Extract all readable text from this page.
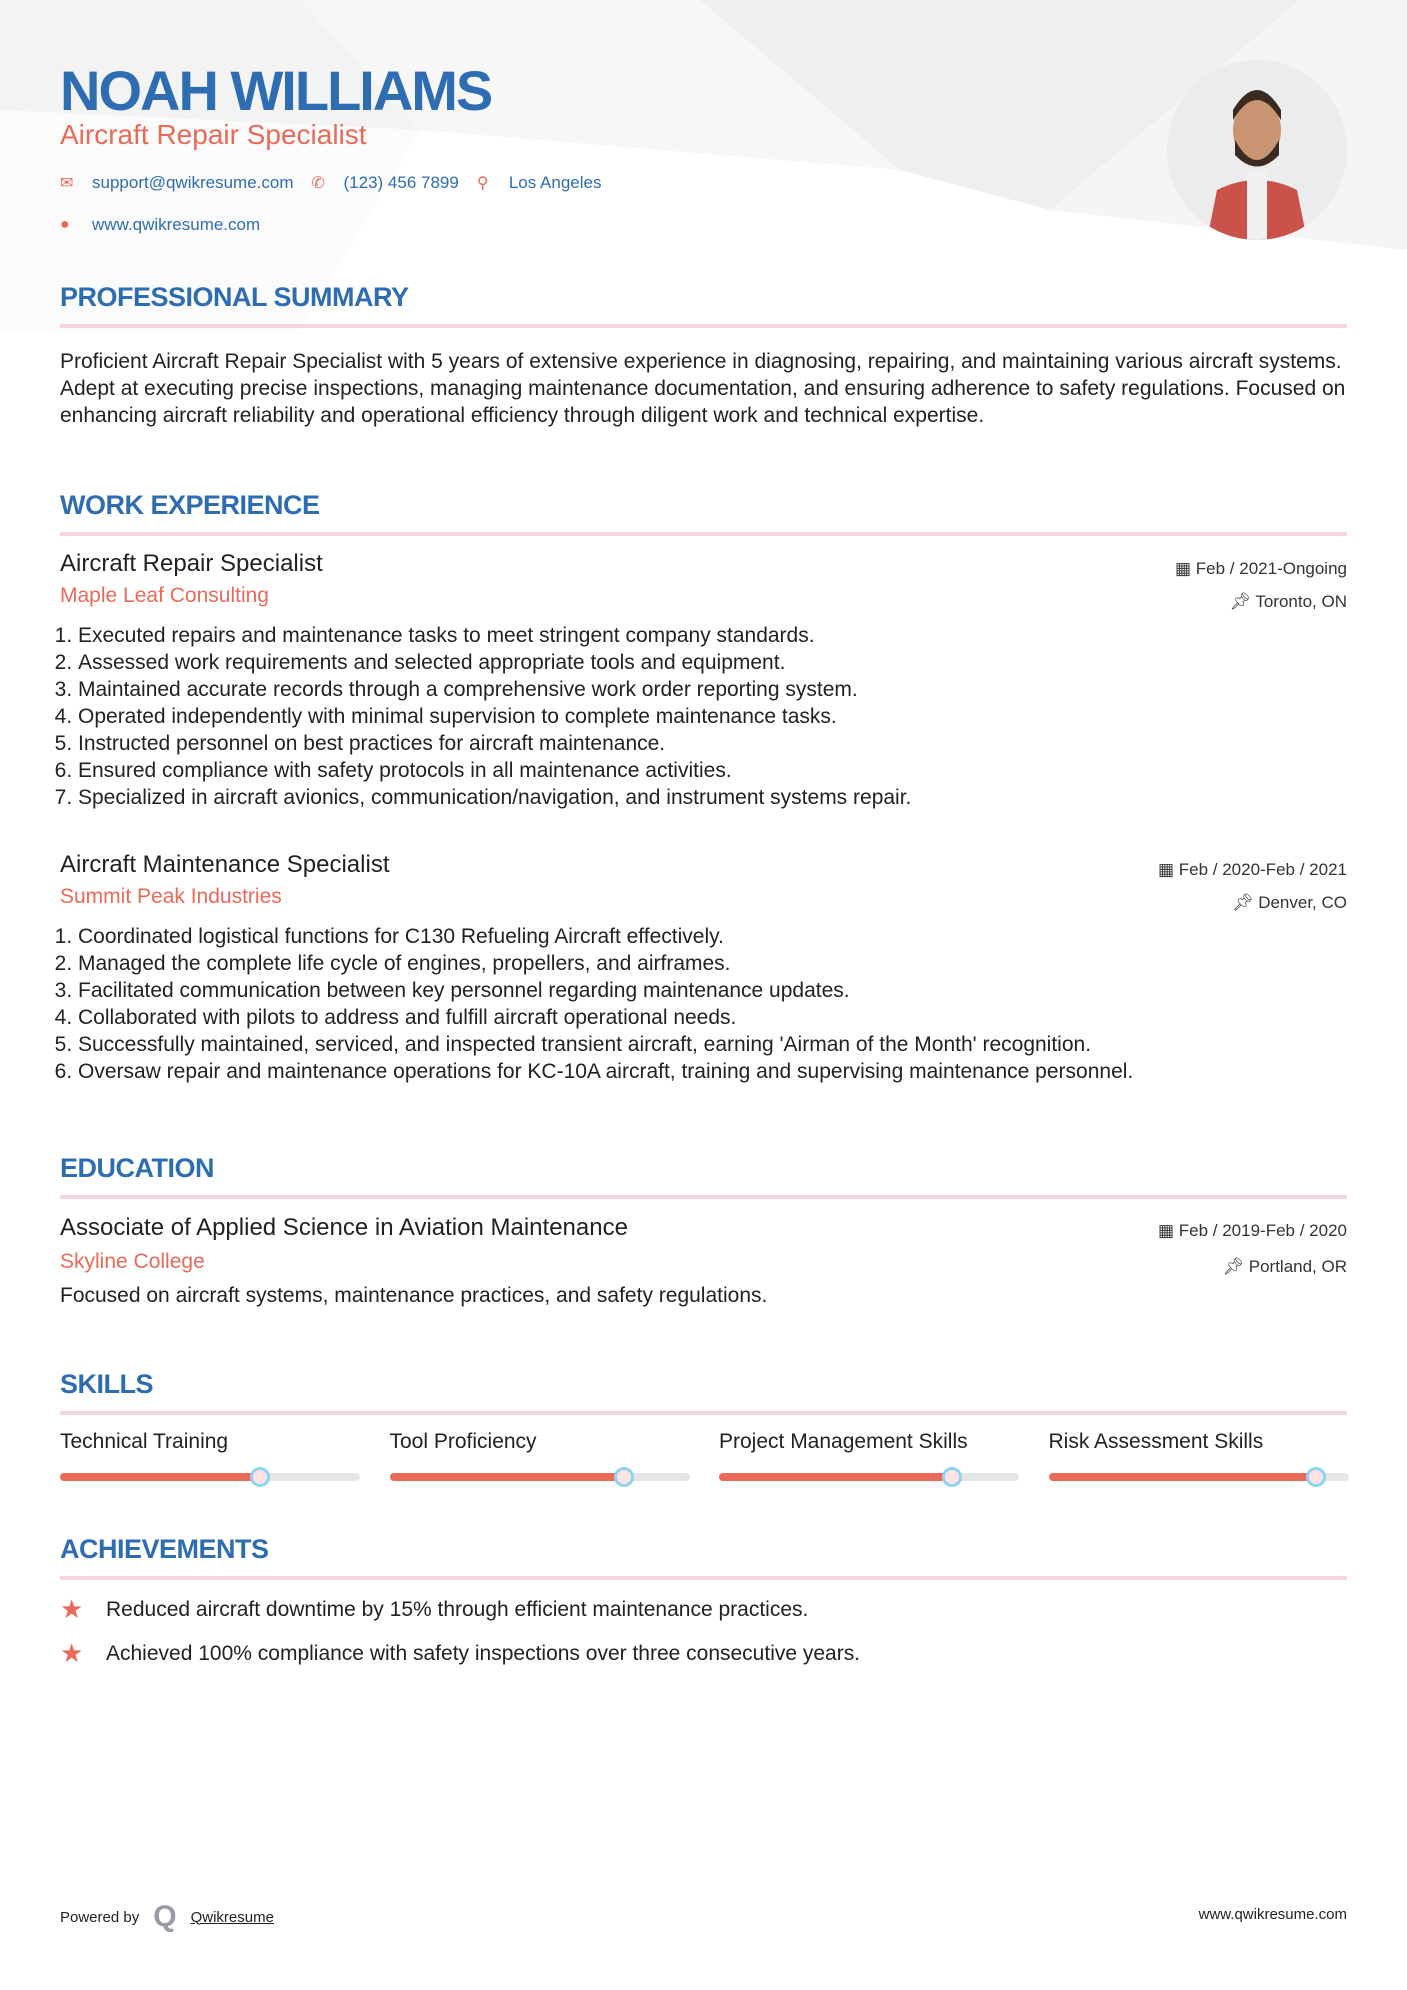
NOAH WILLIAMS
Aircraft Repair Specialist
✉	support@qwikresume.com ✆	(123) 456 7899 ⚲	Los Angeles
●	www.qwikresume.com
PROFESSIONAL SUMMARY

Proficient Aircraft Repair Specialist with 5 years of extensive experience in diagnosing, repairing, and maintaining various aircraft systems. Adept at executing precise inspections, managing maintenance documentation, and ensuring adherence to safety regulations. Focused on enhancing aircraft reliability and operational efficiency through diligent work and technical expertise.

WORK EXPERIENCE
Aircraft Repair Specialist	▦ Feb / 2021-Ongoing
Maple Leaf Consulting	📌︎ Toronto, ON
1. Executed repairs and maintenance tasks to meet stringent company standards.
2. Assessed work requirements and selected appropriate tools and equipment.
3. Maintained accurate records through a comprehensive work order reporting system.
4. Operated independently with minimal supervision to complete maintenance tasks.
5. Instructed personnel on best practices for aircraft maintenance.
6. Ensured compliance with safety protocols in all maintenance activities.
7. Specialized in aircraft avionics, communication/navigation, and instrument systems repair.
Aircraft Maintenance Specialist	▦ Feb / 2020-Feb / 2021
Summit Peak Industries	📌︎ Denver, CO
1. Coordinated logistical functions for C130 Refueling Aircraft effectively.
2. Managed the complete life cycle of engines, propellers, and airframes.
3. Facilitated communication between key personnel regarding maintenance updates.
4. Collaborated with pilots to address and fulfill aircraft operational needs.
5. Successfully maintained, serviced, and inspected transient aircraft, earning 'Airman of the Month' recognition.
6. Oversaw repair and maintenance operations for KC-10A aircraft, training and supervising maintenance personnel.
EDUCATION
Associate of Applied Science in Aviation Maintenance	▦ Feb / 2019-Feb / 2020
Skyline College	📌︎ Portland, OR

Focused on aircraft systems, maintenance practices, and safety regulations.

SKILLS
Technical Training	Tool Proficiency	Project Management Skills	Risk Assessment Skills
ACHIEVEMENTS
★	Reduced aircraft downtime by 15% through efficient maintenance practices.
★	Achieved 100% compliance with safety inspections over three consecutive years.
Powered by Q Qwikresume	www.qwikresume.com
